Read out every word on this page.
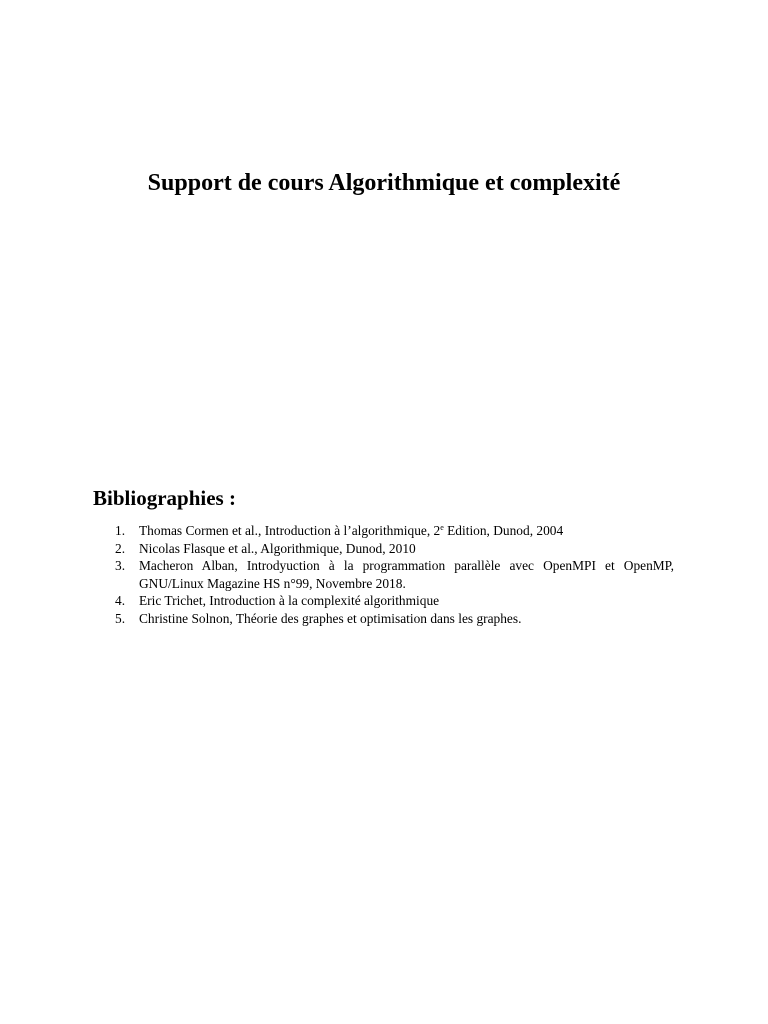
Support de cours Algorithmique et complexité
Bibliographies :
1. Thomas Cormen et al., Introduction à l’algorithmique, 2e Edition, Dunod, 2004
2. Nicolas Flasque et al., Algorithmique, Dunod, 2010
3. Macheron Alban, Introdyuction à la programmation parallèle avec OpenMPI et OpenMP, GNU/Linux Magazine HS n°99, Novembre 2018.
4. Eric Trichet, Introduction à la complexité algorithmique
5. Christine Solnon, Théorie des graphes et optimisation dans les graphes.
